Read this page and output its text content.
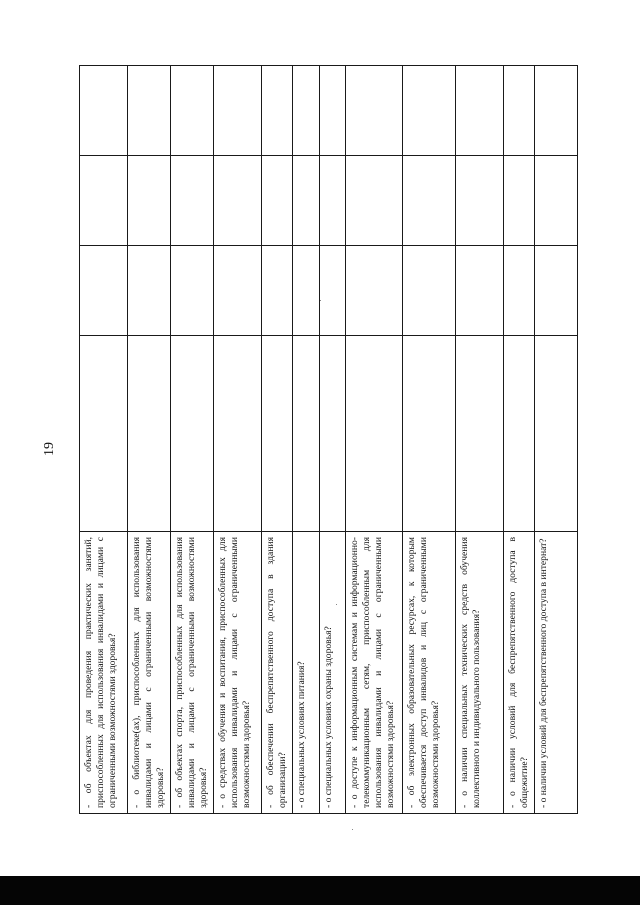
19
- об объектах для проведения практических занятий, приспособленных для использования инвалидами и лицами с ограниченными возможностями здоровья?				
- о библиотеке(ах), приспособленных для использования инвалидами и лицами с ограниченными возможностями здоровья?				
- об объектах спорта, приспособленных для использования инвалидами и лицами с ограниченными возможностями здоровья?				
- о средствах обучения и воспитания, приспособленных для использования инвалидами и лицами с ограниченными возможностями здоровья?				
- об обеспечении беспрепятственного доступа в здания организации?				
- о специальных условиях питания?				
- о специальных условиях охраны здоровья?				
- о доступе к информационным системам и информационно-телекоммуникационным сетям, приспособленным для использования инвалидами и лицами с ограниченными возможностями здоровья?				
- об электронных образовательных ресурсах, к которым обеспечивается доступ инвалидов и лиц с ограниченными возможностями здоровья?				
- о наличии специальных технических средств обучения коллективного и индивидуального пользования?				
- о наличии условий для беспрепятственного доступа в общежитие?				
- о наличии условий для беспрепятственного доступа в интернат?				
